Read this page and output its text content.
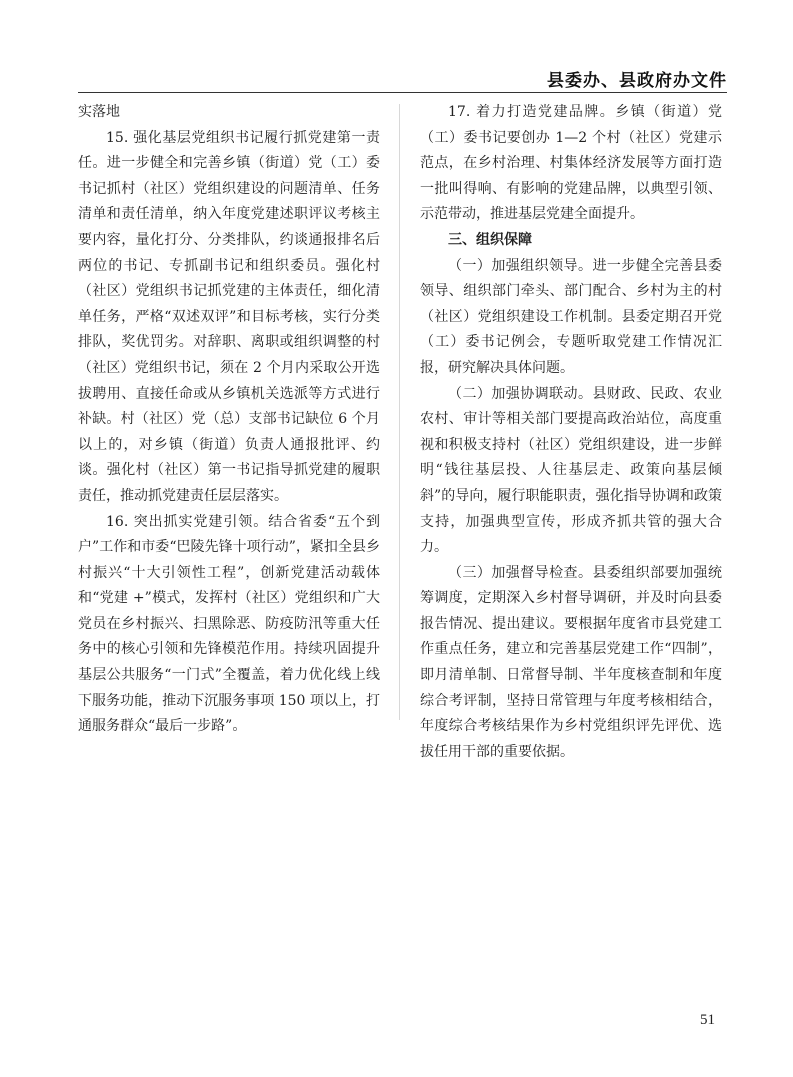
县委办、县政府办文件

实落地

15. 强化基层党组织书记履行抓党建第一责任。进一步健全和完善乡镇（街道）党（工）委书记抓村（社区）党组织建设的问题清单、任务清单和责任清单，纳入年度党建述职评议考核主要内容，量化打分、分类排队，约谈通报排名后两位的书记、专抓副书记和组织委员。强化村（社区）党组织书记抓党建的主体责任，细化清单任务，严格“双述双评”和目标考核，实行分类排队，奖优罚劣。对辞职、离职或组织调整的村（社区）党组织书记，须在 2 个月内采取公开选拔聘用、直接任命或从乡镇机关选派等方式进行补缺。村（社区）党（总）支部书记缺位 6 个月以上的，对乡镇（街道）负责人通报批评、约谈。强化村（社区）第一书记指导抓党建的履职责任，推动抓党建责任层层落实。

16. 突出抓实党建引领。结合省委“五个到户”工作和市委“巴陵先锋十项行动”，紧扣全县乡村振兴“十大引领性工程”，创新党建活动载体和“党建 +”模式，发挥村（社区）党组织和广大党员在乡村振兴、扫黑除恶、防疫防汛等重大任务中的核心引领和先锋模范作用。持续巩固提升基层公共服务“一门式”全覆盖，着力优化线上线下服务功能，推动下沉服务事项 150 项以上，打通服务群众“最后一步路”。

17. 着力打造党建品牌。乡镇（街道）党（工）委书记要创办 1—2 个村（社区）党建示范点，在乡村治理、村集体经济发展等方面打造一批叫得响、有影响的党建品牌，以典型引领、示范带动，推进基层党建全面提升。

三、组织保障

（一）加强组织领导。进一步健全完善县委领导、组织部门牵头、部门配合、乡村为主的村（社区）党组织建设工作机制。县委定期召开党（工）委书记例会，专题听取党建工作情况汇报，研究解决具体问题。

（二）加强协调联动。县财政、民政、农业农村、审计等相关部门要提高政治站位，高度重视和积极支持村（社区）党组织建设，进一步鲜明“钱往基层投、人往基层走、政策向基层倾斜”的导向，履行职能职责，强化指导协调和政策支持，加强典型宣传，形成齐抓共管的强大合力。

（三）加强督导检查。县委组织部要加强统筹调度，定期深入乡村督导调研，并及时向县委报告情况、提出建议。要根据年度省市县党建工作重点任务，建立和完善基层党建工作“四制”，即月清单制、日常督导制、半年度核查制和年度综合考评制，坚持日常管理与年度考核相结合，年度综合考核结果作为乡村党组织评先评优、选拔任用干部的重要依据。

51
